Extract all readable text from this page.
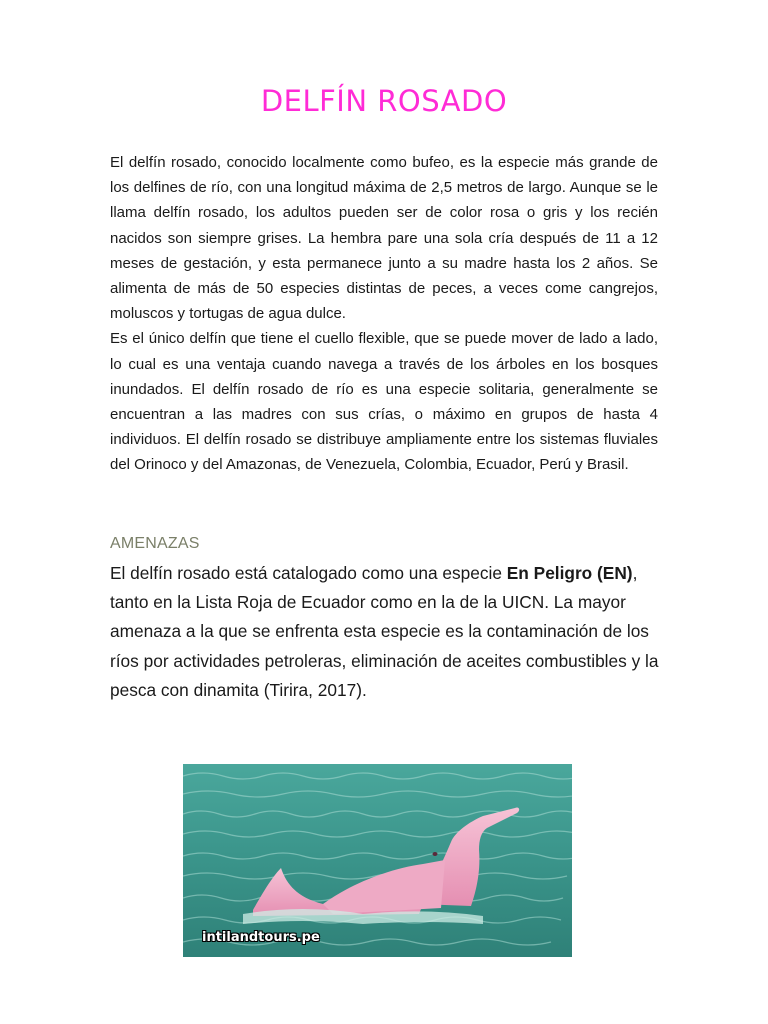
DELFÍN ROSADO

El delfín rosado, conocido localmente como bufeo, es la especie más grande de los delfines de río, con una longitud máxima de 2,5 metros de largo. Aunque se le llama delfín rosado, los adultos pueden ser de color rosa o gris y los recién nacidos son siempre grises. La hembra pare una sola cría después de 11 a 12 meses de gestación, y esta permanece junto a su madre hasta los 2 años. Se alimenta de más de 50 especies distintas de peces, a veces come cangrejos, moluscos y tortugas de agua dulce.

Es el único delfín que tiene el cuello flexible, que se puede mover de lado a lado, lo cual es una ventaja cuando navega a través de los árboles en los bosques inundados. El delfín rosado de río es una especie solitaria, generalmente se encuentran a las madres con sus crías, o máximo en grupos de hasta 4 individuos. El delfín rosado se distribuye ampliamente entre los sistemas fluviales del Orinoco y del Amazonas, de Venezuela, Colombia, Ecuador, Perú y Brasil.

AMENAZAS

El delfín rosado está catalogado como una especie En Peligro (EN), tanto en la Lista Roja de Ecuador como en la de la UICN. La mayor amenaza a la que se enfrenta esta especie es la contaminación de los ríos por actividades petroleras, eliminación de aceites combustibles y la pesca con dinamita (Tirira, 2017).

intilandtours.pe
